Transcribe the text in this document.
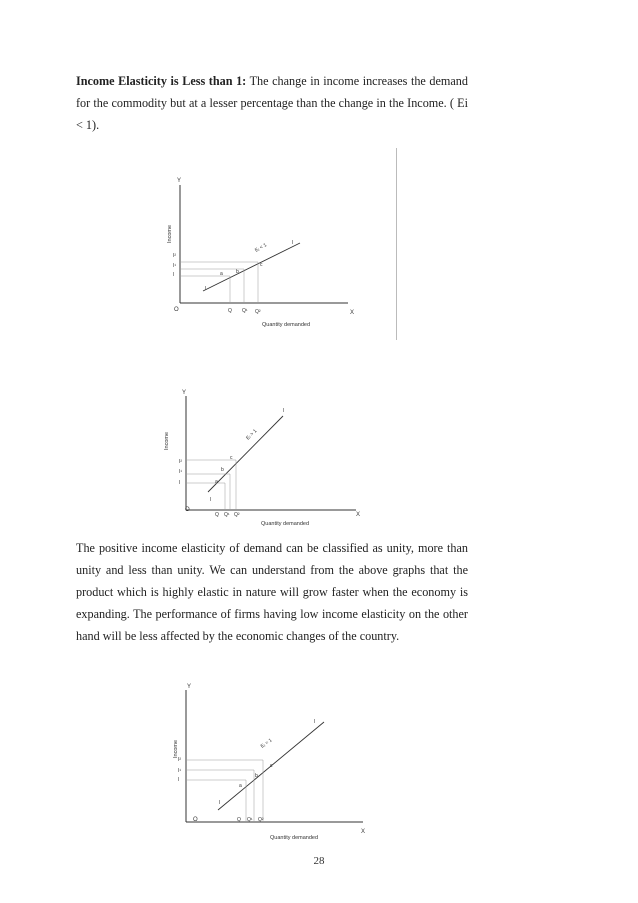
Income Elasticity is Less than 1: The change in income increases the demand for the commodity but at a lesser percentage than the change in the Income. ( Ei < 1).

Y
X
O
Income
Quantity demanded
I
I¹
I²
Q Q¹ Q²
a	b
c
I
I
Eᵢ < 1
Y
X
O
Income
Quantity demanded
I
I¹
I²
Q Q¹ Q²
a
b
c
I
I
Eᵢ > 1

The positive income elasticity of demand can be classified as unity, more than unity and less than unity. We can understand from the above graphs that the product which is highly elastic in nature will grow faster when the economy is expanding. The performance of firms having low income elasticity on the other hand will be less affected by the economic changes of the country.

Y
X
O
Income
Quantity demanded
I
I¹
I²
Q Q¹ Q²
a
b
c
I
I
Eᵢ = 1
28
